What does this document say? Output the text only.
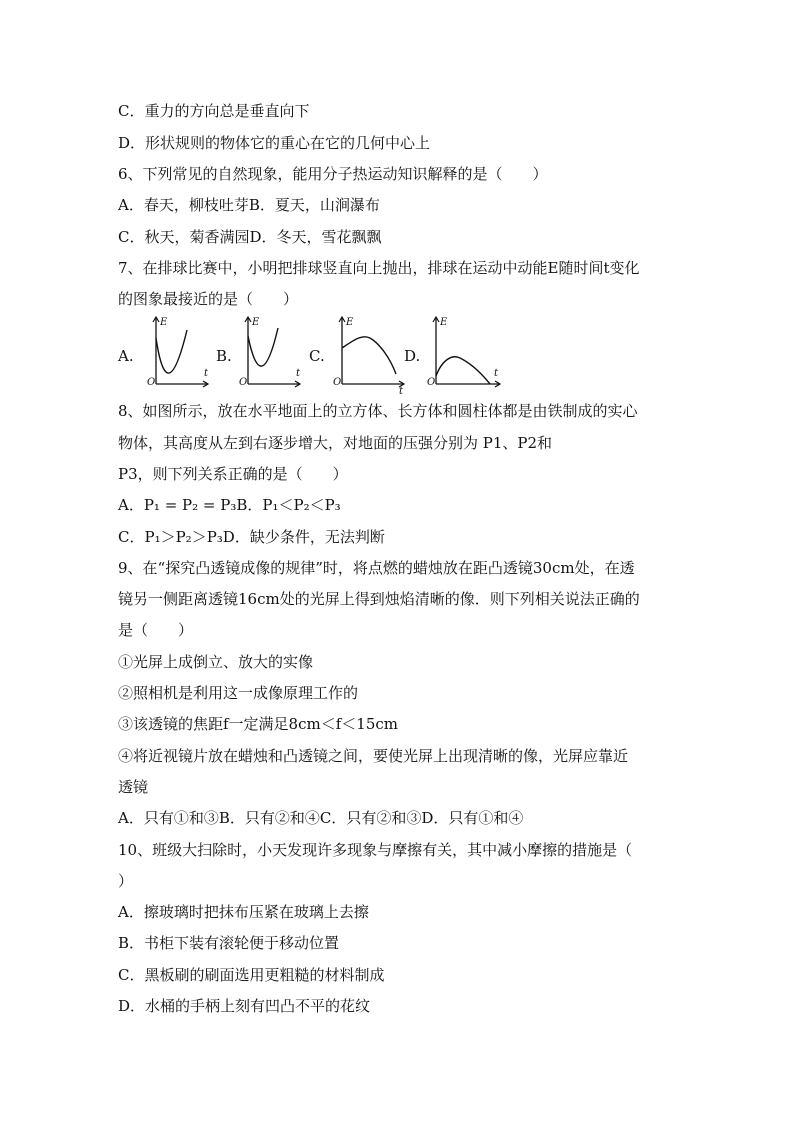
C．重力的方向总是垂直向下
D．形状规则的物体它的重心在它的几何中心上
6、下列常见的自然现象，能用分子热运动知识解释的是（　　）
A．春天，柳枝吐芽B．夏天，山涧瀑布
C．秋天，菊香满园D．冬天，雪花飘飘
7、在排球比赛中，小明把排球竖直向上抛出，排球在运动中动能E随时间t变化
的图象最接近的是（　　）
A.
E
O
t
B.
E
O
t
C.
E
O
t
D.
E
O
t
8、如图所示，放在水平地面上的立方体、长方体和圆柱体都是由铁制成的实心
物体，其高度从左到右逐步增大，对地面的压强分别为 P1、P2和
P3，则下列关系正确的是（　　）
A．P₁ = P₂ = P₃B．P₁＜P₂＜P₃
C．P₁＞P₂＞P₃D．缺少条件，无法判断
9、在“探究凸透镜成像的规律”时，将点燃的蜡烛放在距凸透镜30cm处，在透
镜另一侧距离透镜16cm处的光屏上得到烛焰清晰的像．则下列相关说法正确的
是（　　）
①光屏上成倒立、放大的实像
②照相机是利用这一成像原理工作的
③该透镜的焦距f一定满足8cm＜f＜15cm
④将近视镜片放在蜡烛和凸透镜之间，要使光屏上出现清晰的像，光屏应靠近
透镜
A．只有①和③B．只有②和④C．只有②和③D．只有①和④
10、班级大扫除时，小天发现许多现象与摩擦有关，其中减小摩擦的措施是（
）
A．擦玻璃时把抹布压紧在玻璃上去擦
B．书柜下装有滚轮便于移动位置
C．黑板刷的刷面选用更粗糙的材料制成
D．水桶的手柄上刻有凹凸不平的花纹
